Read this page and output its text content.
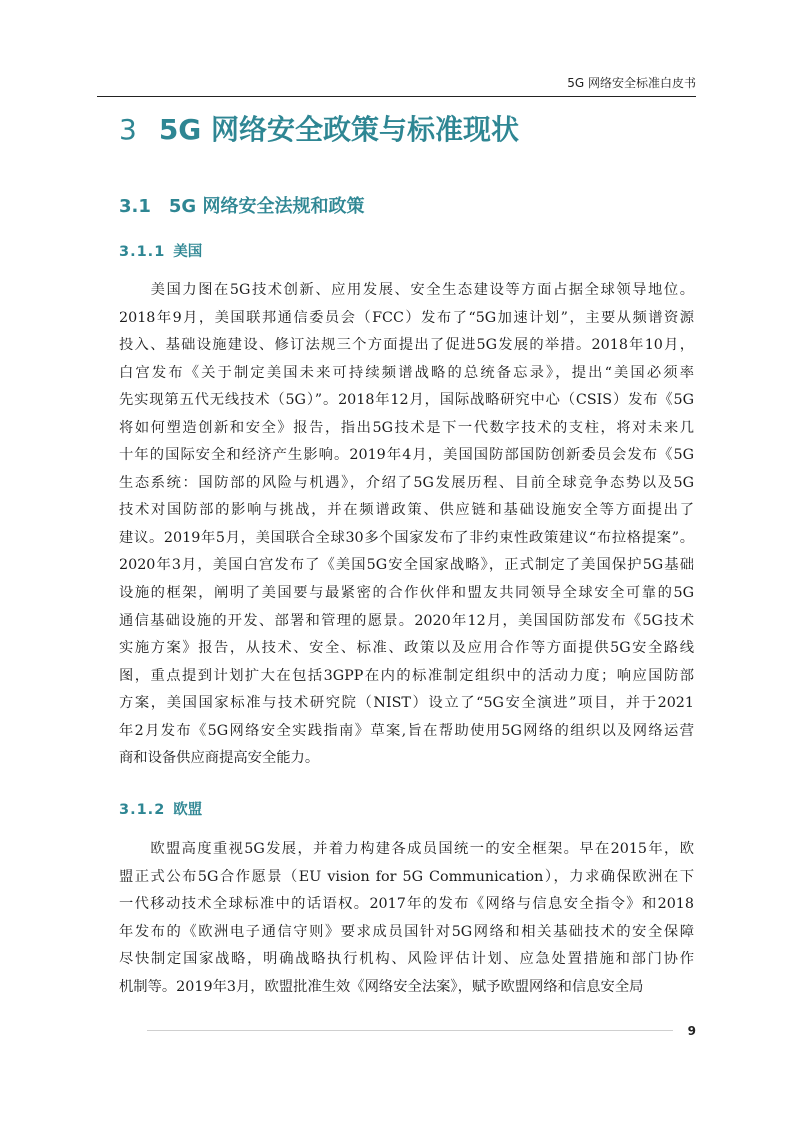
5G 网络安全标准白皮书
3 5G 网络安全政策与标准现状
3.1 5G 网络安全法规和政策
3.1.1 美国
　　美国力图在5G技术创新、应用发展、安全生态建设等方面占据全球领导地位。
2018年9月，美国联邦通信委员会（FCC）发布了“5G加速计划”，主要从频谱资源
投入、基础设施建设、修订法规三个方面提出了促进5G发展的举措。2018年10月，
白宫发布《关于制定美国未来可持续频谱战略的总统备忘录》，提出“美国必须率
先实现第五代无线技术（5G）”。2018年12月，国际战略研究中心（CSIS）发布《5G
将如何塑造创新和安全》报告，指出5G技术是下一代数字技术的支柱，将对未来几
十年的国际安全和经济产生影响。2019年4月，美国国防部国防创新委员会发布《5G
生态系统：国防部的风险与机遇》，介绍了5G发展历程、目前全球竞争态势以及5G
技术对国防部的影响与挑战，并在频谱政策、供应链和基础设施安全等方面提出了
建议。2019年5月，美国联合全球30多个国家发布了非约束性政策建议“布拉格提案”。
2020年3月，美国白宫发布了《美国5G安全国家战略》，正式制定了美国保护5G基础
设施的框架，阐明了美国要与最紧密的合作伙伴和盟友共同领导全球安全可靠的5G
通信基础设施的开发、部署和管理的愿景。2020年12月，美国国防部发布《5G技术
实施方案》报告，从技术、安全、标准、政策以及应用合作等方面提供5G安全路线
图，重点提到计划扩大在包括3GPP在内的标准制定组织中的活动力度；响应国防部
方案，美国国家标准与技术研究院（NIST）设立了“5G安全演进”项目，并于2021
年2月发布《5G网络安全实践指南》草案,旨在帮助使用5G网络的组织以及网络运营
商和设备供应商提高安全能力。
3.1.2 欧盟
　　欧盟高度重视5G发展，并着力构建各成员国统一的安全框架。早在2015年，欧
盟正式公布5G合作愿景（EU vision for 5G Communication），力求确保欧洲在下
一代移动技术全球标准中的话语权。2017年的发布《网络与信息安全指令》和2018
年发布的《欧洲电子通信守则》要求成员国针对5G网络和相关基础技术的安全保障
尽快制定国家战略，明确战略执行机构、风险评估计划、应急处置措施和部门协作
机制等。2019年3月，欧盟批准生效《网络安全法案》，赋予欧盟网络和信息安全局
9
